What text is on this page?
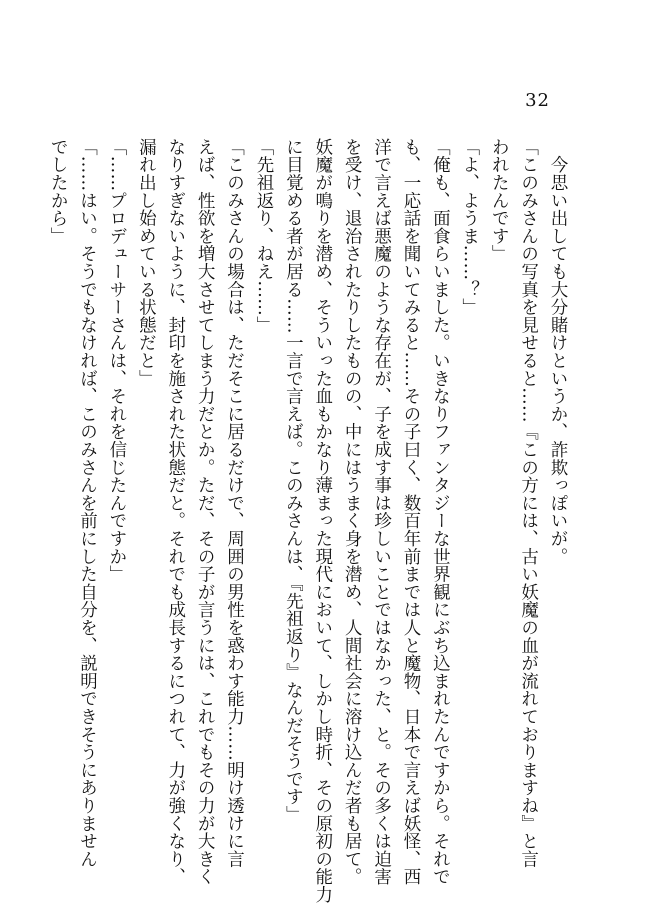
32

　今思い出しても大分賭けというか、詐欺っぽいが。

「このみさんの写真を見せると……『この方には、古い妖魔の血が流れておりますね』と言

われたんです」

「よ、ようま……？」

「俺も、面食らいました。いきなりファンタジーな世界観にぶち込まれたんですから。それで

も、一応話を聞いてみると……その子曰く、数百年前までは人と魔物、日本で言えば妖怪、西

洋で言えば悪魔のような存在が、子を成す事は珍しいことではなかった、と。その多くは迫害

を受け、退治されたりしたものの、中にはうまく身を潜め、人間社会に溶け込んだ者も居て。

妖魔が鳴りを潜め、そういった血もかなり薄まった現代において、しかし時折、その原初の能力

に目覚める者が居る……一言で言えば。このみさんは、『先祖返り』なんだそうです」

「先祖返り、ねえ……」

「このみさんの場合は、ただそこに居るだけで、周囲の男性を惑わす能力……明け透けに言

えば、性欲を増大させてしまう力だとか。ただ、その子が言うには、これでもその力が大きく

なりすぎないように、封印を施された状態だと。それでも成長するにつれて、力が強くなり、

漏れ出し始めている状態だと」

「……プロデューサーさんは、それを信じたんですか」

「……はい。そうでもなければ、このみさんを前にした自分を、説明できそうにありません

でしたから」
